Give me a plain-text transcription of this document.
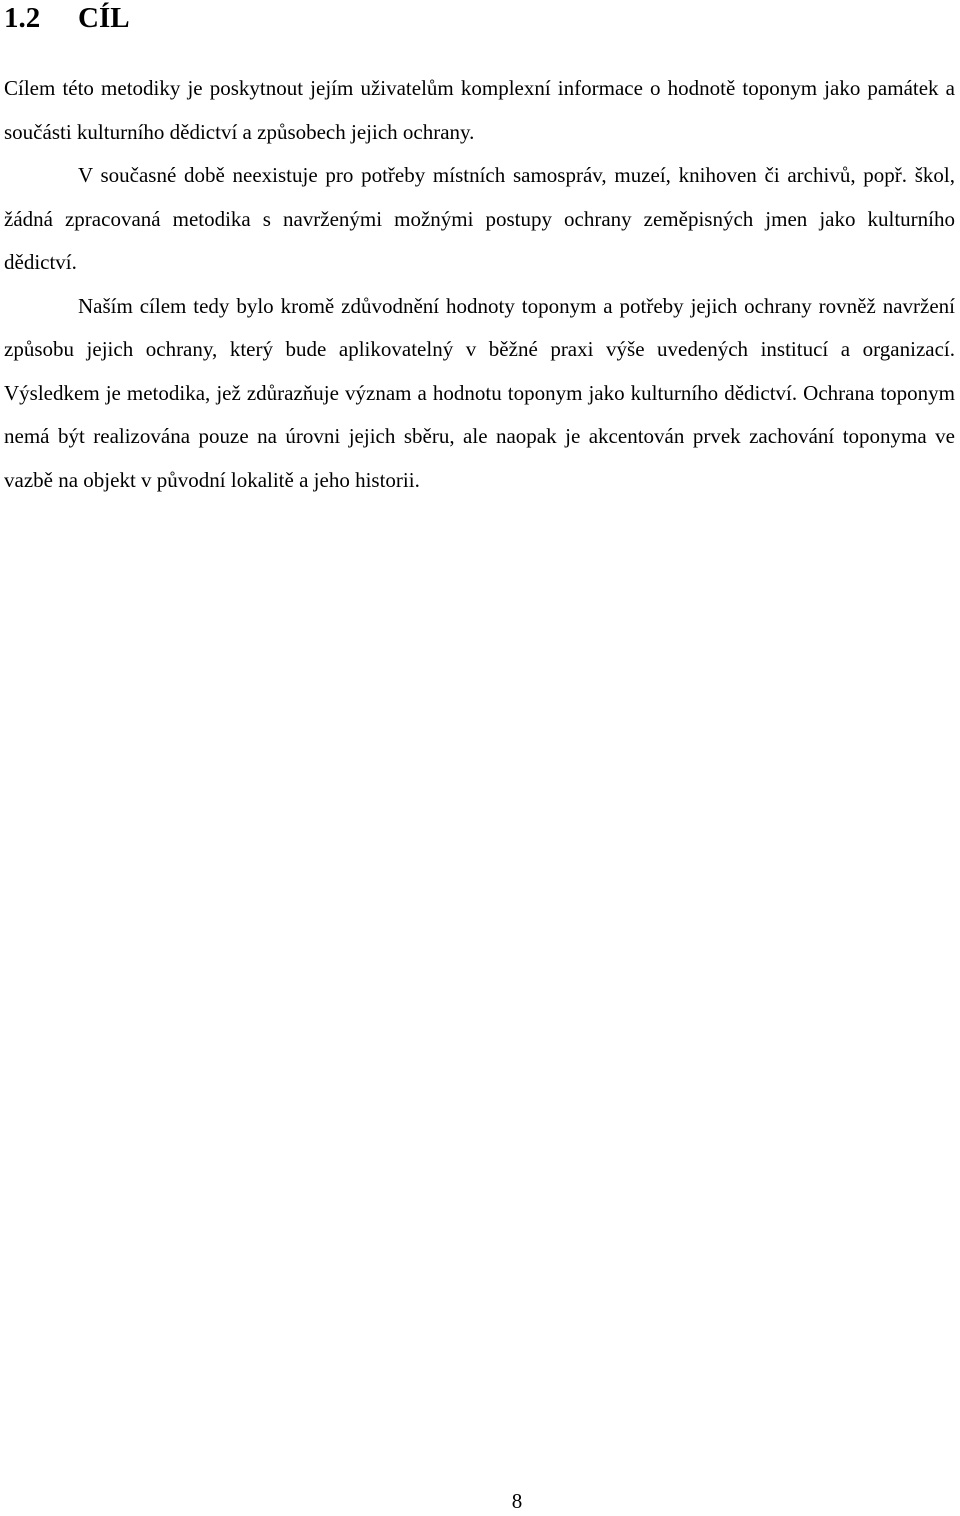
1.2 CÍL

Cílem této metodiky je poskytnout jejím uživatelům komplexní informace o hodnotě toponym jako památek a součásti kulturního dědictví a způsobech jejich ochrany.

V současné době neexistuje pro potřeby místních samospráv, muzeí, knihoven či archivů, popř. škol, žádná zpracovaná metodika s navrženými možnými postupy ochrany zeměpisných jmen jako kulturního dědictví.

Naším cílem tedy bylo kromě zdůvodnění hodnoty toponym a potřeby jejich ochrany rovněž navržení způsobu jejich ochrany, který bude aplikovatelný v běžné praxi výše uvedených institucí a organizací. Výsledkem je metodika, jež zdůrazňuje význam a hodnotu toponym jako kulturního dědictví. Ochrana toponym nemá být realizována pouze na úrovni jejich sběru, ale naopak je akcentován prvek zachování toponyma ve vazbě na objekt v původní lokalitě a jeho historii.

8
